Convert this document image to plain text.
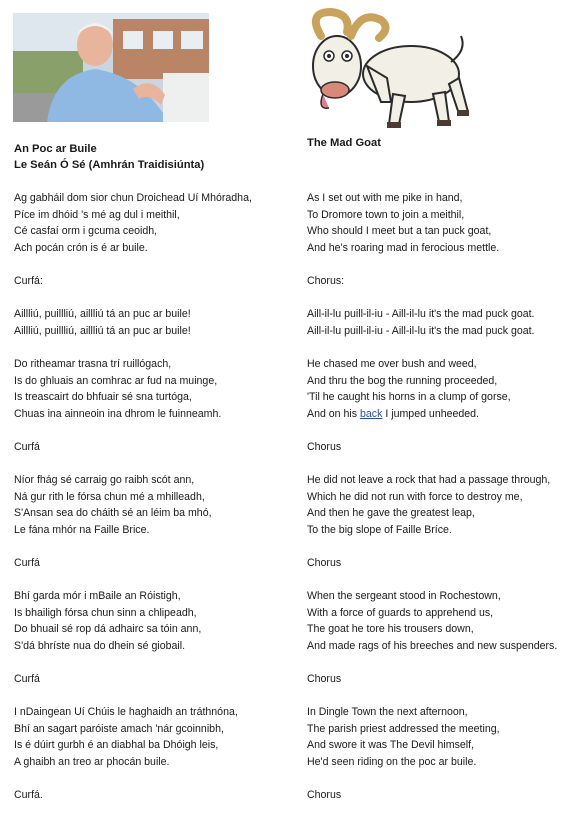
An Poc ar Buile
Le Seán Ó Sé (Amhrán Traidisiúnta)
Ag gabháil dom sior chun Droichead Uí Mhóradha,
Píce im dhóid 's mé ag dul i meithil,
Cé casfaí orm i gcuma ceoidh,
Ach pocán crón is é ar buile.
Curfá:
Aillliú, puillliú, aillliú tá an puc ar buile!
Aillliú, puillliú, aillliú tá an puc ar buile!
Do ritheamar trasna trí ruillógach,
Is do ghluais an comhrac ar fud na muinge,
Is treascairt do bhfuair sé sna turtóga,
Chuas ina ainneoin ina dhrom le fuinneamh.
Curfá
Níor fhág sé carraig go raibh scót ann,
Ná gur rith le fórsa chun mé a mhilleadh,
S'Ansan sea do cháith sé an léim ba mhó,
Le fána mhór na Faille Brice.
Curfá
Bhí garda mór i mBaile an Róistigh,
Is bhailigh fórsa chun sinn a chlipeadh,
Do bhuail sé rop dá adhairc sa tóin ann,
S'dá bhríste nua do dhein sé giobail.
Curfá
I nDaingean Uí Chúis le haghaidh an tráthnóna,
Bhí an sagart paróiste amach 'nár gcoinnibh,
Is é dúirt gurbh é an diabhal ba Dhóigh leis,
A ghaibh an treo ar phocán buile.
Curfá.
The Mad Goat
As I set out with me pike in hand,
To Dromore town to join a meithil,
Who should I meet but a tan puck goat,
And he's roaring mad in ferocious mettle.
Chorus:
Aill-il-lu puill-il-iu - Aill-il-lu it's the mad puck goat.
Aill-il-lu puill-il-iu - Aill-il-lu it's the mad puck goat.
He chased me over bush and weed,
And thru the bog the running proceeded,
'Til he caught his horns in a clump of gorse,
And on his back I jumped unheeded.
Chorus
He did not leave a rock that had a passage through,
Which he did not run with force to destroy me,
And then he gave the greatest leap,
To the big slope of Faille Bríce.
Chorus
When the sergeant stood in Rochestown,
With a force of guards to apprehend us,
The goat he tore his trousers down,
And made rags of his breeches and new suspenders.
Chorus
In Dingle Town the next afternoon,
The parish priest addressed the meeting,
And swore it was The Devil himself,
He'd seen riding on the poc ar buile.
Chorus
